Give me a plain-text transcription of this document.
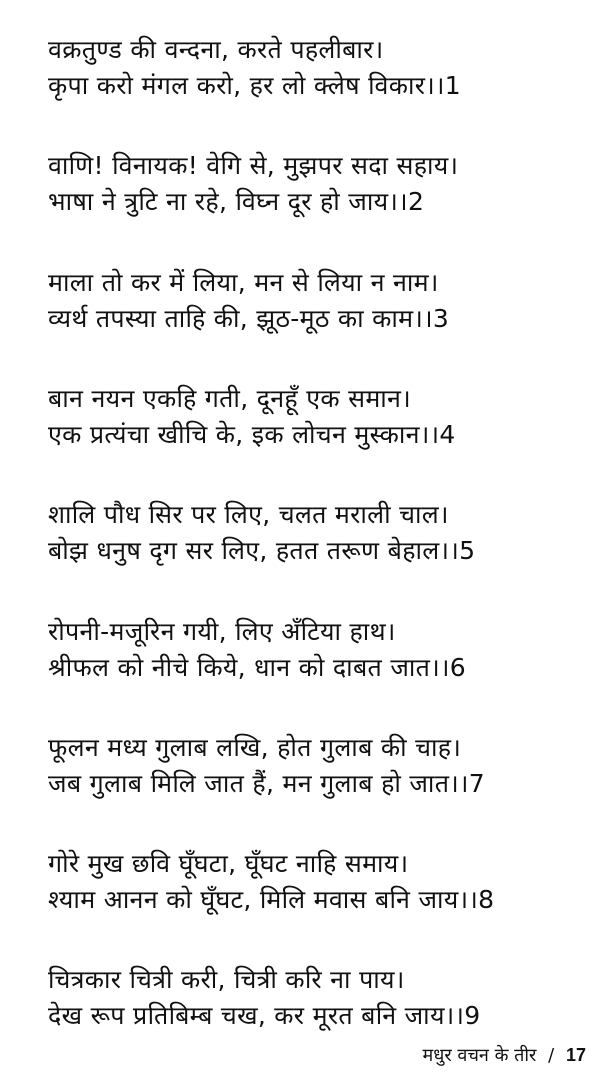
वक्रतुण्ड की वन्दना, करते पहलीबार।
कृपा करो मंगल करो, हर लो क्लेष विकार।।1
वाणि! विनायक! वेगि से, मुझपर सदा सहाय।
भाषा ने त्रुटि ना रहे, विघ्न दूर हो जाय।।2
माला तो कर में लिया, मन से लिया न नाम।
व्यर्थ तपस्या ताहि की, झूठ-मूठ का काम।।3
बान नयन एकहि गती, दूनहूँ एक समान।
एक प्रत्यंचा खीचि के, इक लोचन मुस्कान।।4
शालि पौध सिर पर लिए, चलत मराली चाल।
बोझ धनुष दृग सर लिए, हतत तरूण बेहाल।।5
रोपनी-मजूरिन गयी, लिए अँटिया हाथ।
श्रीफल को नीचे किये, धान को दाबत जात।।6
फूलन मध्य गुलाब लखि, होत गुलाब की चाह।
जब गुलाब मिलि जात हैं, मन गुलाब हो जात।।7
गोरे मुख छवि घूँघटा, घूँघट नाहि समाय।
श्याम आनन को घूँघट, मिलि मवास बनि जाय।।8
चित्रकार चित्री करी, चित्री करि ना पाय।
देख रूप प्रतिबिम्ब चख, कर मूरत बनि जाय।।9
मधुर वचन के तीर / 17
